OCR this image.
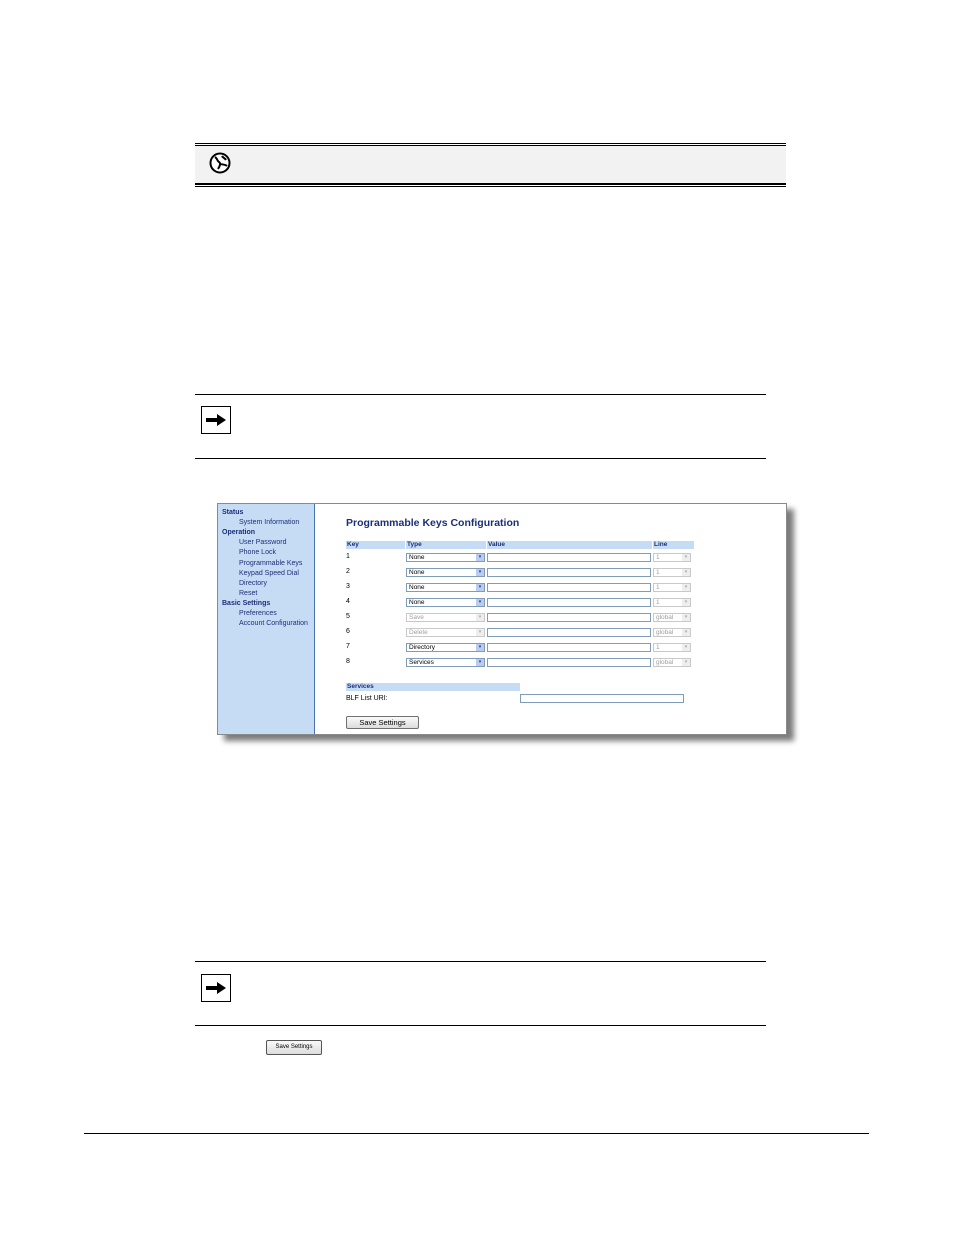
Status
System Information
Operation
User Password
Phone Lock
Programmable Keys
Keypad Speed Dial
Directory
Reset
Basic Settings
Preferences
Account Configuration
Programmable Keys Configuration
Key	Type	Value	Line
1	None	▾	1	▾
2	None	▾	1	▾
3	None	▾	1	▾
4	None	▾	1	▾
5	Save	▾	global	▾
6	Delete	▾	global	▾
7	Directory	▾	1	▾
8	Services	▾	global	▾
Services
BLF List URI:
Save Settings
Save Settings
